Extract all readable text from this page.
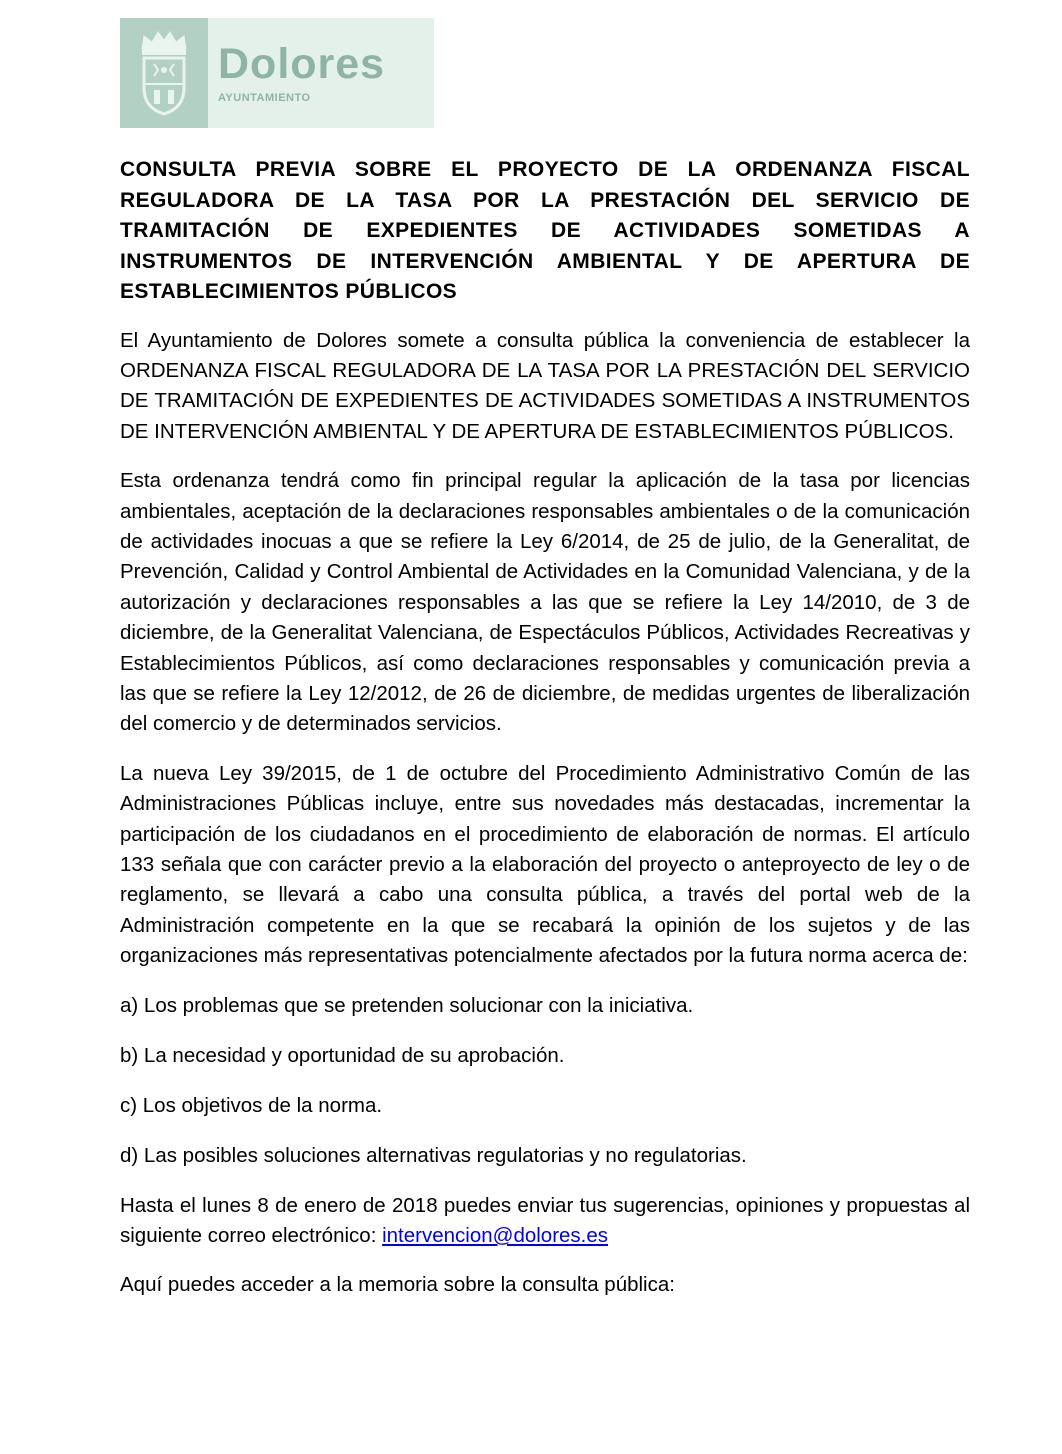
Dolores
AYUNTAMIENTO
CONSULTA PREVIA SOBRE EL PROYECTO DE LA ORDENANZA FISCAL REGULADORA DE LA TASA POR LA PRESTACIÓN DEL SERVICIO DE TRAMITACIÓN DE EXPEDIENTES DE ACTIVIDADES SOMETIDAS A INSTRUMENTOS DE INTERVENCIÓN AMBIENTAL Y DE APERTURA DE ESTABLECIMIENTOS PÚBLICOS

El Ayuntamiento de Dolores somete a consulta pública la conveniencia de establecer la ORDENANZA FISCAL REGULADORA DE LA TASA POR LA PRESTACIÓN DEL SERVICIO DE TRAMITACIÓN DE EXPEDIENTES DE ACTIVIDADES SOMETIDAS A INSTRUMENTOS DE INTERVENCIÓN AMBIENTAL Y DE APERTURA DE ESTABLECIMIENTOS PÚBLICOS.

Esta ordenanza tendrá como fin principal regular la aplicación de la tasa por licencias ambientales, aceptación de la declaraciones responsables ambientales o de la comunicación de actividades inocuas a que se refiere la Ley 6/2014, de 25 de julio, de la Generalitat, de Prevención, Calidad y Control Ambiental de Actividades en la Comunidad Valenciana, y de la autorización y declaraciones responsables a las que se refiere la Ley 14/2010, de 3 de diciembre, de la Generalitat Valenciana, de Espectáculos Públicos, Actividades Recreativas y Establecimientos Públicos, así como declaraciones responsables y comunicación previa a las que se refiere la Ley 12/2012, de 26 de diciembre, de medidas urgentes de liberalización del comercio y de determinados servicios.

La nueva Ley 39/2015, de 1 de octubre del Procedimiento Administrativo Común de las Administraciones Públicas incluye, entre sus novedades más destacadas, incrementar la participación de los ciudadanos en el procedimiento de elaboración de normas. El artículo 133 señala que con carácter previo a la elaboración del proyecto o anteproyecto de ley o de reglamento, se llevará a cabo una consulta pública, a través del portal web de la Administración competente en la que se recabará la opinión de los sujetos y de las organizaciones más representativas potencialmente afectados por la futura norma acerca de:

a) Los problemas que se pretenden solucionar con la iniciativa.

b) La necesidad y oportunidad de su aprobación.

c) Los objetivos de la norma.

d) Las posibles soluciones alternativas regulatorias y no regulatorias.

Hasta el lunes 8 de enero de 2018 puedes enviar tus sugerencias, opiniones y propuestas al siguiente correo electrónico: intervencion@dolores.es

Aquí puedes acceder a la memoria sobre la consulta pública:
